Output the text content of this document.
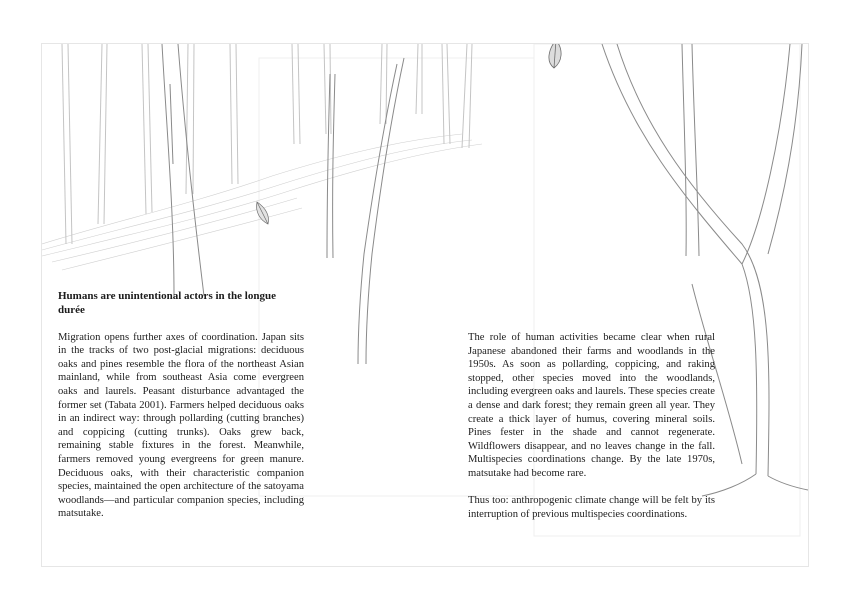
Humans are unintentional actors in the longue durée

Migration opens further axes of coordination. Japan sits in the tracks of two post-glacial migrations: deciduous oaks and pines resemble the flora of the northeast Asian mainland, while from southeast Asia come evergreen oaks and laurels. Peasant disturbance advantaged the former set (Tabata 2001). Farmers helped deciduous oaks in an indirect way: through pollarding (cutting branches) and coppicing (cutting trunks). Oaks grew back, remaining stable fixtures in the forest. Meanwhile, farmers removed young evergreens for green manure. Deciduous oaks, with their characteristic companion species, maintained the open architecture of the satoyama woodlands—and particular companion species, including matsutake.

The role of human activities became clear when rural Japanese abandoned their farms and woodlands in the 1950s. As soon as pollarding, coppicing, and raking stopped, other species moved into the woodlands, including evergreen oaks and laurels. These species create a dense and dark forest; they remain green all year. They create a thick layer of humus, covering mineral soils. Pines fester in the shade and cannot regenerate. Wildflowers disappear, and no leaves change in the fall. Multispecies coordinations change. By the late 1970s, matsutake had become rare.

Thus too: anthropogenic climate change will be felt by its interruption of previous multispecies coordinations.
